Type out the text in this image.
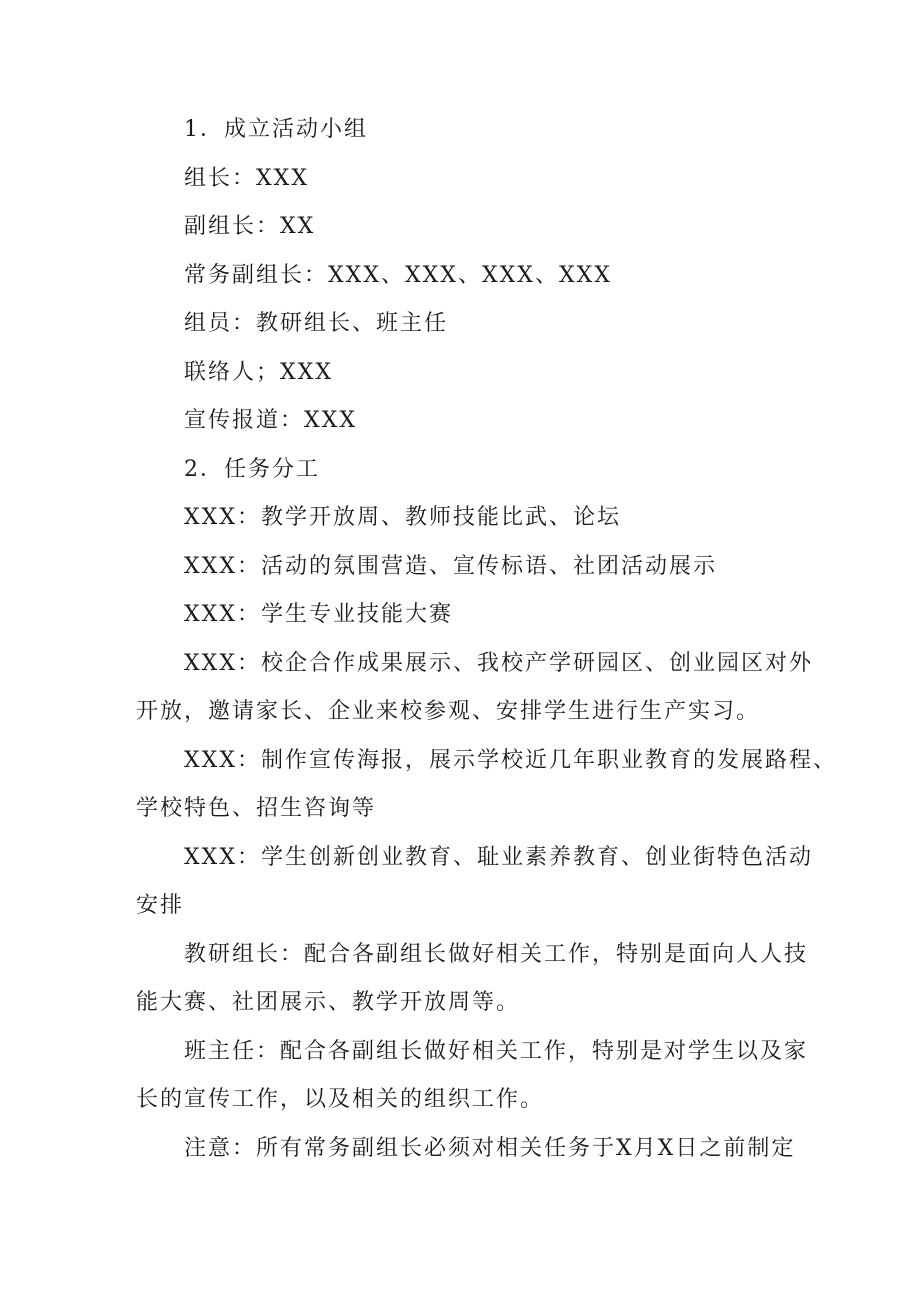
1．成立活动小组
组长：XXX
副组长：XX
常务副组长：XXX、XXX、XXX、XXX
组员：教研组长、班主任
联络人；XXX
宣传报道：XXX
2．任务分工
XXX：教学开放周、教师技能比武、论坛
XXX：活动的氛围营造、宣传标语、社团活动展示
XXX：学生专业技能大赛
XXX：校企合作成果展示、我校产学研园区、创业园区对外
开放，邀请家长、企业来校参观、安排学生进行生产实习。
XXX：制作宣传海报，展示学校近几年职业教育的发展路程、
学校特色、招生咨询等
XXX：学生创新创业教育、耻业素养教育、创业街特色活动
安排
教研组长：配合各副组长做好相关工作，特别是面向人人技
能大赛、社团展示、教学开放周等。
班主任：配合各副组长做好相关工作，特别是对学生以及家
长的宣传工作，以及相关的组织工作。
注意：所有常务副组长必须对相关任务于X月X日之前制定
